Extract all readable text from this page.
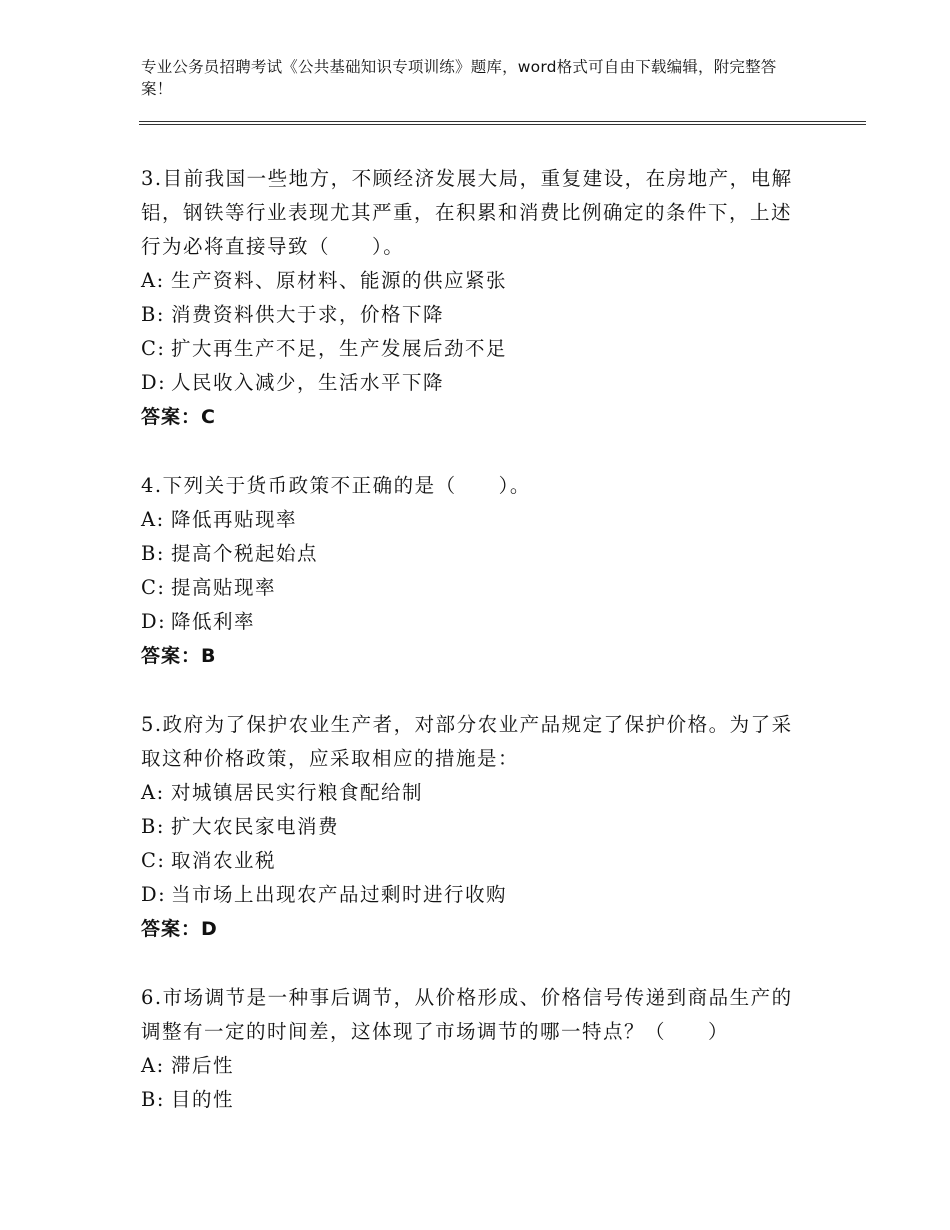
专业公务员招聘考试《公共基础知识专项训练》题库，word格式可自由下载编辑，附完整答案！

3.目前我国一些地方，不顾经济发展大局，重复建设，在房地产，电解铝，钢铁等行业表现尤其严重，在积累和消费比例确定的条件下，上述行为必将直接导致（　　）。

A: 生产资料、原材料、能源的供应紧张
B: 消费资料供大于求，价格下降
C: 扩大再生产不足，生产发展后劲不足
D: 人民收入减少，生活水平下降
答案：C

4.下列关于货币政策不正确的是（　　）。

A: 降低再贴现率
B: 提高个税起始点
C: 提高贴现率
D: 降低利率
答案：B

5.政府为了保护农业生产者，对部分农业产品规定了保护价格。为了采取这种价格政策，应采取相应的措施是：

A: 对城镇居民实行粮食配给制
B: 扩大农民家电消费
C: 取消农业税
D: 当市场上出现农产品过剩时进行收购
答案：D

6.市场调节是一种事后调节，从价格形成、价格信号传递到商品生产的调整有一定的时间差，这体现了市场调节的哪一特点？（　　）

A: 滞后性
B: 目的性
